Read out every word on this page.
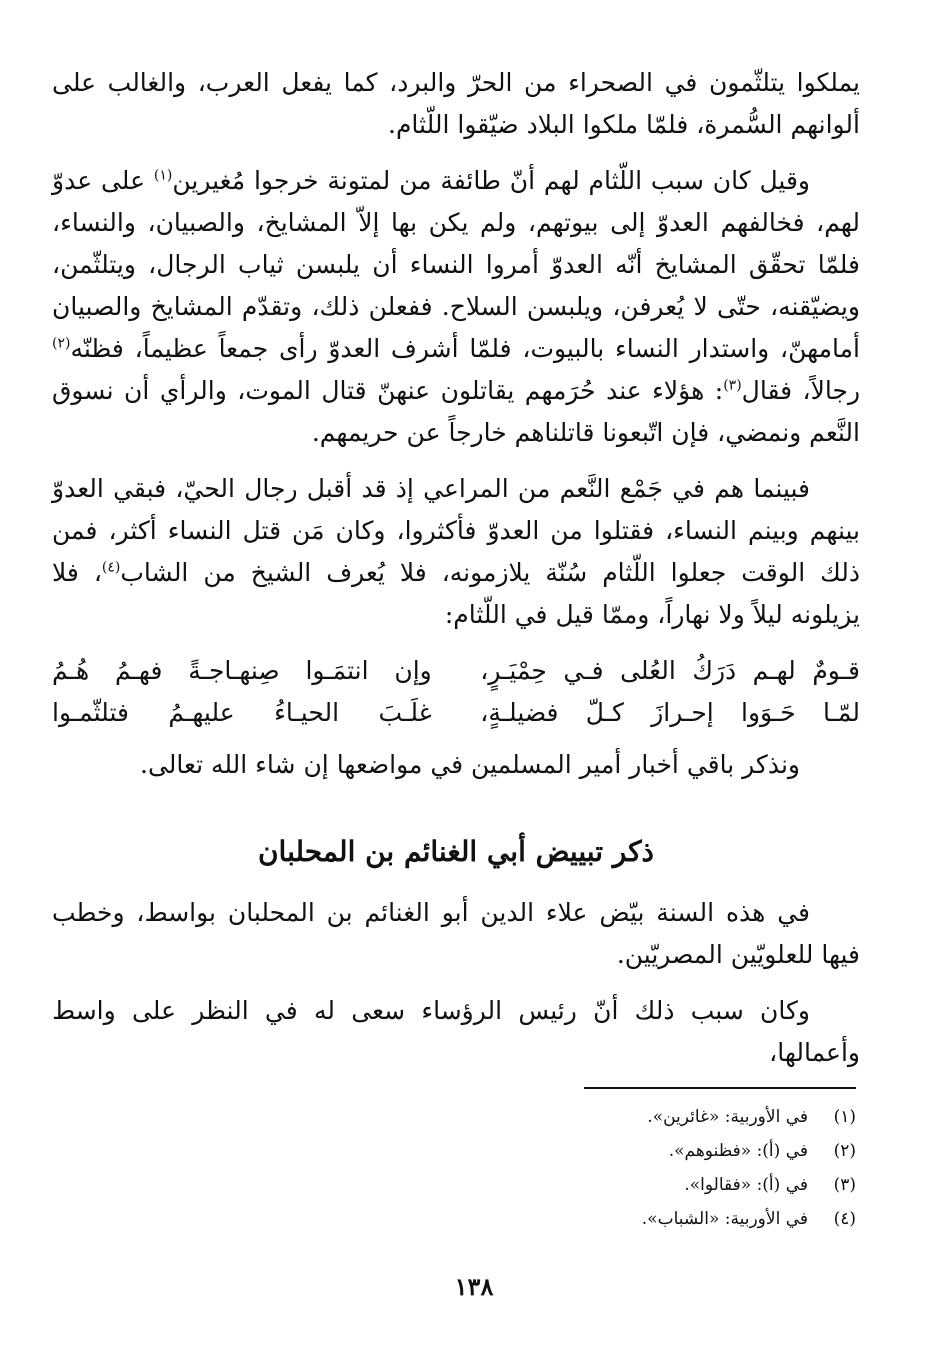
يملكوا يتلثّمون في الصحراء من الحرّ والبرد، كما يفعل العرب، والغالب على ألوانهم السُّمرة، فلمّا ملكوا البلاد ضيّقوا اللّثام.

وقيل كان سبب اللّثام لهم أنّ طائفة من لمتونة خرجوا مُغيرين$^{(١)}$ على عدوّ لهم، فخالفهم العدوّ إلى بيوتهم، ولم يكن بها إلاّ المشايخ، والصبيان، والنساء، فلمّا تحقّق المشايخ أنّه العدوّ أمروا النساء أن يلبسن ثياب الرجال، ويتلثّمن، ويضيّقنه، حتّى لا يُعرفن، ويلبسن السلاح. ففعلن ذلك، وتقدّم المشايخ والصبيان أمامهنّ، واستدار النساء بالبيوت، فلمّا أشرف العدوّ رأى جمعاً عظيماً، فظنّه$^{(٢)}$ رجالاً، فقال$^{(٣)}$: هؤلاء عند حُرَمهم يقاتلون عنهنّ قتال الموت، والرأي أن نسوق النَّعم ونمضي، فإن اتّبعونا قاتلناهم خارجاً عن حريمهم.

فبينما هم في جَمْع النَّعم من المراعي إذ قد أقبل رجال الحيّ، فبقي العدوّ بينهم وبينم النساء، فقتلوا من العدوّ فأكثروا، وكان مَن قتل النساء أكثر، فمن ذلك الوقت جعلوا اللّثام سُنّة يلازمونه، فلا يُعرف الشيخ من الشاب$^{(٤)}$، فلا يزيلونه ليلاً ولا نهاراً، وممّا قيل في اللّثام:

قـومٌ لهـم دَرَكُ العُلى فـي حِمْيَـرٍ،
وإن انتمَـوا صِنهـاجـةً فهـمُ هُـمُ
لمّـا حَـوَوا إحـرازَ كـلّ فضيلـةٍ،
غلَـبَ الحيـاءُ عليهـمُ فتلثّمـوا
ونذكر باقي أخبار أمير المسلمين في مواضعها إن شاء الله تعالى.
ذكر تبييض أبي الغنائم بن المحلبان

في هذه السنة بيّض علاء الدين أبو الغنائم بن المحلبان بواسط، وخطب فيها للعلويّين المصريّين.

وكان سبب ذلك أنّ رئيس الرؤساء سعى له في النظر على واسط وأعمالها،

(١)
في الأوربية: «غائرين».
(٢)
في (أ): «فظنوهم».
(٣)
في (أ): «فقالوا».
(٤)
في الأوربية: «الشباب».
١٣٨
